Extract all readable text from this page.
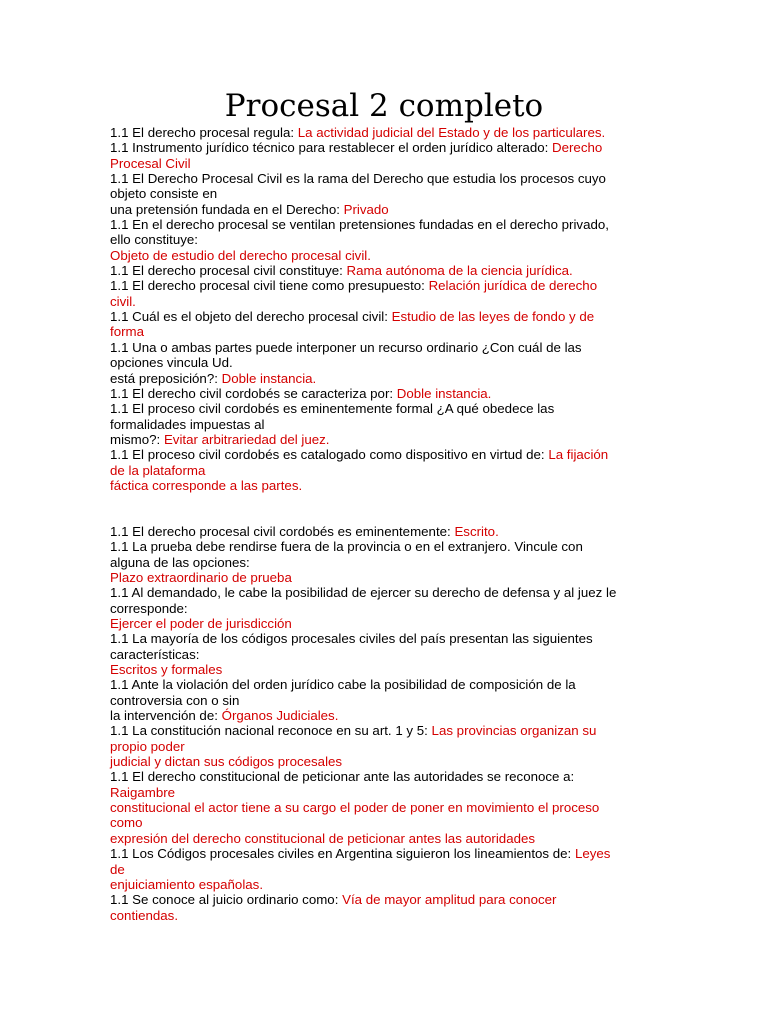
Procesal 2 completo
1.1 El derecho procesal regula: La actividad judicial del Estado y de los particulares.
1.1 Instrumento jurídico técnico para restablecer el orden jurídico alterado: Derecho
Procesal Civil
1.1 El Derecho Procesal Civil es la rama del Derecho que estudia los procesos cuyo
objeto consiste en
una pretensión fundada en el Derecho: Privado
1.1 En el derecho procesal se ventilan pretensiones fundadas en el derecho privado,
ello constituye:
Objeto de estudio del derecho procesal civil.
1.1 El derecho procesal civil constituye: Rama autónoma de la ciencia jurídica.
1.1 El derecho procesal civil tiene como presupuesto: Relación jurídica de derecho
civil.
1.1 Cuál es el objeto del derecho procesal civil: Estudio de las leyes de fondo y de
forma
1.1 Una o ambas partes puede interponer un recurso ordinario ¿Con cuál de las
opciones vincula Ud.
está preposición?: Doble instancia.
1.1 El derecho civil cordobés se caracteriza por: Doble instancia.
1.1 El proceso civil cordobés es eminentemente formal ¿A qué obedece las
formalidades impuestas al
mismo?: Evitar arbitrariedad del juez.
1.1 El proceso civil cordobés es catalogado como dispositivo en virtud de: La fijación
de la plataforma
fáctica corresponde a las partes.
1.1 El derecho procesal civil cordobés es eminentemente: Escrito.
1.1 La prueba debe rendirse fuera de la provincia o en el extranjero. Vincule con
alguna de las opciones:
Plazo extraordinario de prueba
1.1 Al demandado, le cabe la posibilidad de ejercer su derecho de defensa y al juez le
corresponde:
Ejercer el poder de jurisdicción
1.1 La mayoría de los códigos procesales civiles del país presentan las siguientes
características:
Escritos y formales
1.1 Ante la violación del orden jurídico cabe la posibilidad de composición de la
controversia con o sin
la intervención de: Órganos Judiciales.
1.1 La constitución nacional reconoce en su art. 1 y 5: Las provincias organizan su
propio poder
judicial y dictan sus códigos procesales
1.1 El derecho constitucional de peticionar ante las autoridades se reconoce a:
Raigambre
constitucional el actor tiene a su cargo el poder de poner en movimiento el proceso
como
expresión del derecho constitucional de peticionar antes las autoridades
1.1 Los Códigos procesales civiles en Argentina siguieron los lineamientos de: Leyes
de
enjuiciamiento españolas.
1.1 Se conoce al juicio ordinario como: Vía de mayor amplitud para conocer
contiendas.
